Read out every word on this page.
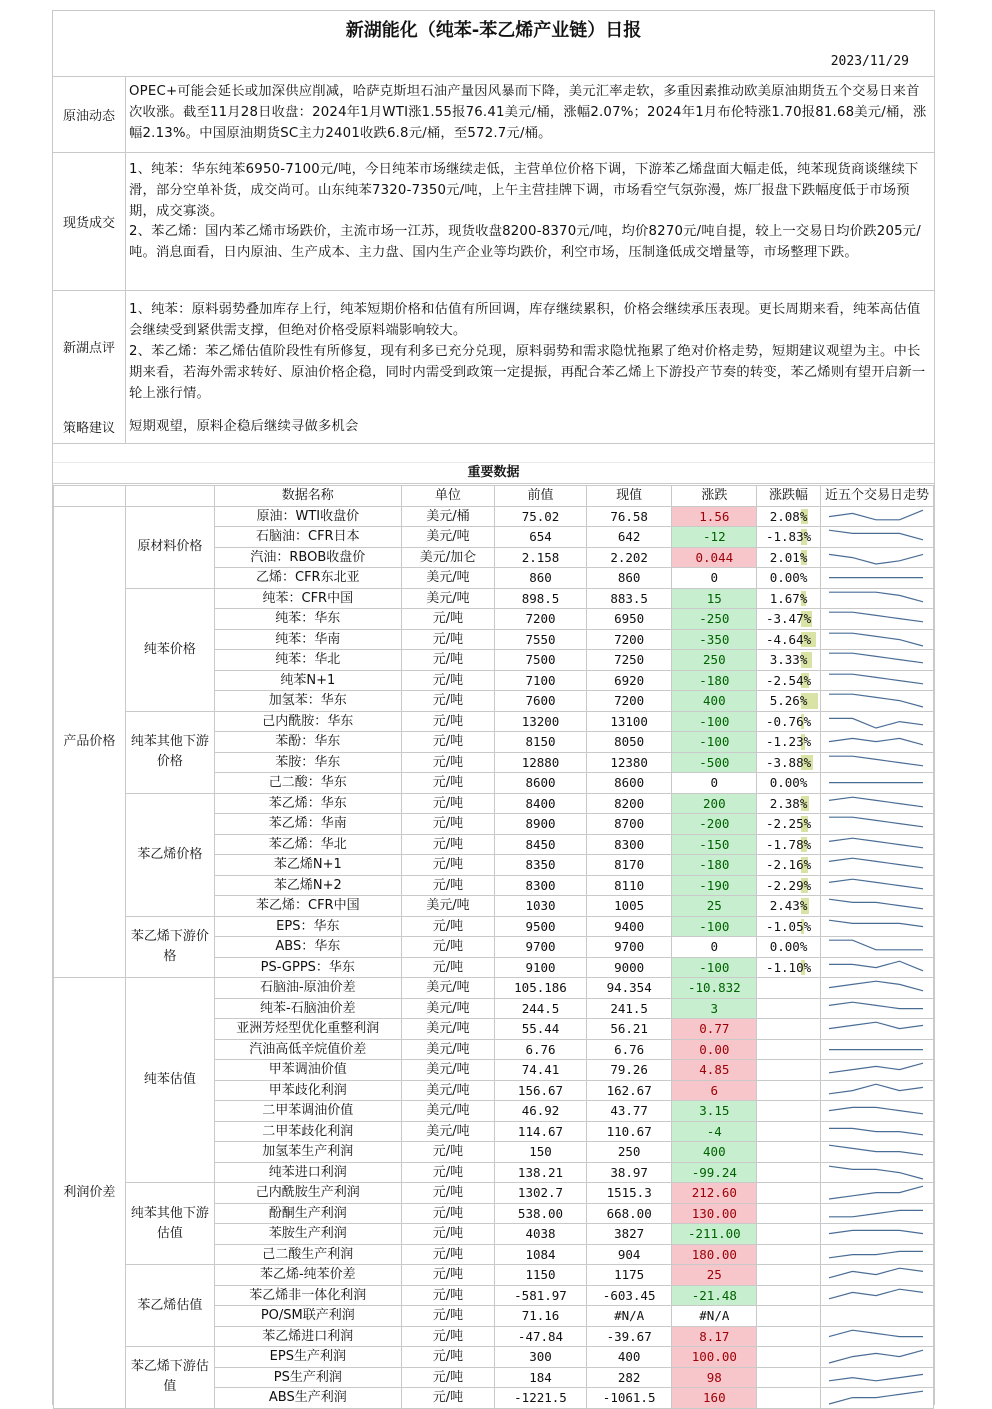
新湖能化（纯苯-苯乙烯产业链）日报
2023/11/29
原油动态
OPEC+可能会延长或加深供应削减，哈萨克斯坦石油产量因风暴而下降，美元汇率走软，多重因素推动欧美原油期货五个交易日来首次收涨。截至11月28日收盘：2024年1月WTI涨1.55报76.41美元/桶，涨幅2.07%；2024年1月布伦特涨1.70报81.68美元/桶，涨幅2.13%。中国原油期货SC主力2401收跌6.8元/桶，至572.7元/桶。
现货成交
1、纯苯：华东纯苯6950-7100元/吨，今日纯苯市场继续走低，主营单位价格下调，下游苯乙烯盘面大幅走低，纯苯现货商谈继续下滑，部分空单补货，成交尚可。山东纯苯7320-7350元/吨，上午主营挂牌下调，市场看空气氛弥漫，炼厂报盘下跌幅度低于市场预期，成交寡淡。
2、苯乙烯：国内苯乙烯市场跌价，主流市场一江苏，现货收盘8200-8370元/吨，均价8270元/吨自提，较上一交易日均价跌205元/吨。消息面看，日内原油、生产成本、主力盘、国内生产企业等均跌价，利空市场，压制逢低成交增量等，市场整理下跌。
新湖点评
1、纯苯：原料弱势叠加库存上行，纯苯短期价格和估值有所回调，库存继续累积，价格会继续承压表现。更长周期来看，纯苯高估值会继续受到紧供需支撑，但绝对价格受原料端影响较大。
2、苯乙烯：苯乙烯估值阶段性有所修复，现有利多已充分兑现，原料弱势和需求隐忧拖累了绝对价格走势，短期建议观望为主。中长期来看，若海外需求转好、原油价格企稳，同时内需受到政策一定提振，再配合苯乙烯上下游投产节奏的转变，苯乙烯则有望开启新一轮上涨行情。
策略建议	短期观望，原料企稳后继续寻做多机会
重要数据
		数据名称	单位	前值	现值	涨跌	涨跌幅	近五个交易日走势
产品价格	原材料价格	原油：WTI收盘价	美元/桶	75.02	76.58	1.56	2.08%	

		石脑油：CFR日本	美元/吨	654	642	-12	-1.83%	

		汽油：RBOB收盘价	美元/加仑	2.158	2.202	0.044	2.01%	

		乙烯：CFR东北亚	美元/吨	860	860	0	0.00%	

	纯苯价格	纯苯：CFR中国	美元/吨	898.5	883.5	15	1.67%	

		纯苯：华东	元/吨	7200	6950	-250	-3.47%	

		纯苯：华南	元/吨	7550	7200	-350	-4.64%	

		纯苯：华北	元/吨	7500	7250	250	3.33%	

		纯苯N+1	元/吨	7100	6920	-180	-2.54%	

		加氢苯：华东	元/吨	7600	7200	400	5.26%	

	纯苯其他下游价格	己内酰胺：华东	元/吨	13200	13100	-100	-0.76%	

		苯酚：华东	元/吨	8150	8050	-100	-1.23%	

		苯胺：华东	元/吨	12880	12380	-500	-3.88%	

		己二酸：华东	元/吨	8600	8600	0	0.00%	

	苯乙烯价格	苯乙烯：华东	元/吨	8400	8200	200	2.38%	

		苯乙烯：华南	元/吨	8900	8700	-200	-2.25%	

		苯乙烯：华北	元/吨	8450	8300	-150	-1.78%	

		苯乙烯N+1	元/吨	8350	8170	-180	-2.16%	

		苯乙烯N+2	元/吨	8300	8110	-190	-2.29%	

		苯乙烯：CFR中国	美元/吨	1030	1005	25	2.43%	

	苯乙烯下游价格	EPS：华东	元/吨	9500	9400	-100	-1.05%	

		ABS：华东	元/吨	9700	9700	0	0.00%	

		PS-GPPS：华东	元/吨	9100	9000	-100	-1.10%	

利润价差	纯苯估值	石脑油-原油价差	美元/吨	105.186	94.354	-10.832		

		纯苯-石脑油价差	美元/吨	244.5	241.5	3		

		亚洲芳烃型优化重整利润	美元/吨	55.44	56.21	0.77		

		汽油高低辛烷值价差	美元/吨	6.76	6.76	0.00		

		甲苯调油价值	美元/吨	74.41	79.26	4.85		

		甲苯歧化利润	美元/吨	156.67	162.67	6		

		二甲苯调油价值	美元/吨	46.92	43.77	3.15		

		二甲苯歧化利润	美元/吨	114.67	110.67	-4		

		加氢苯生产利润	元/吨	150	250	400		

		纯苯进口利润	元/吨	138.21	38.97	-99.24		

	纯苯其他下游估值	己内酰胺生产利润	元/吨	1302.7	1515.3	212.60		

		酚酮生产利润	元/吨	538.00	668.00	130.00		

		苯胺生产利润	元/吨	4038	3827	-211.00		

		己二酸生产利润	元/吨	1084	904	180.00		

	苯乙烯估值	苯乙烯-纯苯价差	元/吨	1150	1175	25		

		苯乙烯非一体化利润	元/吨	-581.97	-603.45	-21.48		

		PO/SM联产利润	元/吨	71.16	#N/A	#N/A		
		苯乙烯进口利润	元/吨	-47.84	-39.67	8.17		

	苯乙烯下游估值	EPS生产利润	元/吨	300	400	100.00		

		PS生产利润	元/吨	184	282	98		

		ABS生产利润	元/吨	-1221.5	-1061.5	160		
